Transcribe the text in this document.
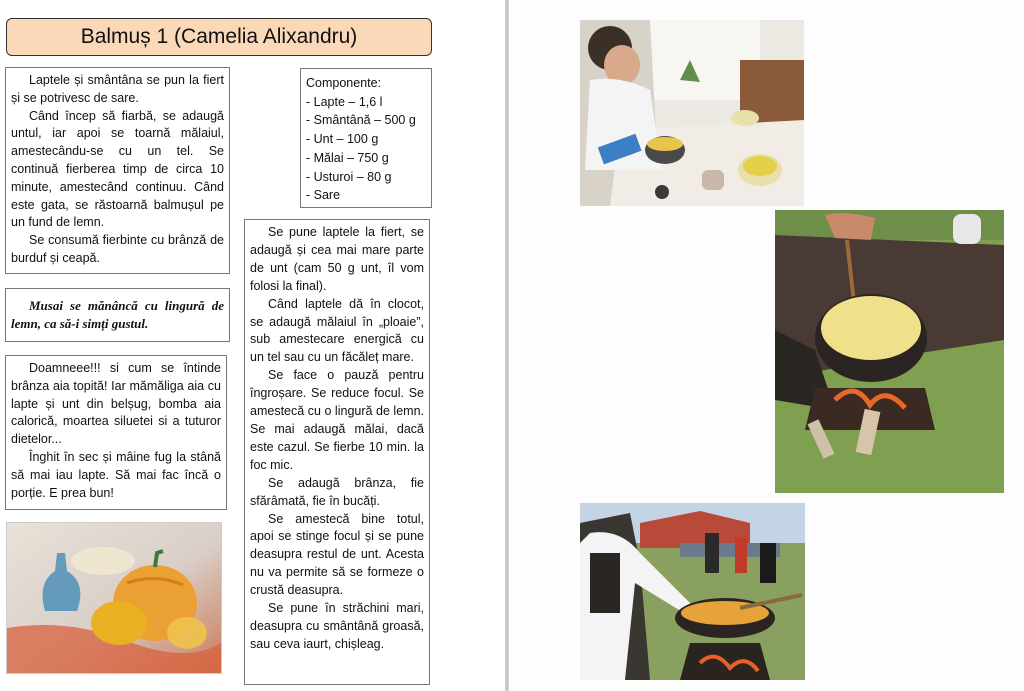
Balmuș 1 (Camelia Alixandru)

Laptele și smântâna se pun la fiert și se potrivesc de sare.

Când încep să fiarbă, se adaugă untul, iar apoi se toarnă mălaiul, amestecându-se cu un tel. Se continuă fierberea timp de circa 10 minute, amestecând continuu. Când este gata, se răstoarnă balmușul pe un fund de lemn.

Se consumă fierbinte cu brânză de burduf și ceapă.

Musai se mănâncă cu lingură de lemn, ca să-i simți gustul.

Doamneee!!! si cum se întinde brânza aia topită! Iar mămăliga aia cu lapte și unt din belșug, bomba aia calorică, moartea siluetei si a tuturor dietelor...

Înghit în sec și mâine fug la stână să mai iau lapte. Să mai fac încă o porție. E prea bun!

Componente:
- Lapte – 1,6 l
- Smântână – 500 g
- Unt – 100 g
- Mălai – 750 g
- Usturoi – 80 g
- Sare

Se pune laptele la fiert, se adaugă și cea mai mare parte de unt (cam 50 g unt, îl vom folosi la final).

Când laptele dă în clocot, se adaugă mălaiul în „ploaie”, sub amestecare energică cu un tel sau cu un făcăleț mare.

Se face o pauză pentru îngroșare. Se reduce focul. Se amestecă cu o lingură de lemn. Se mai adaugă mălai, dacă este cazul. Se fierbe 10 min. la foc mic.

Se adaugă brânza, fie sfărâmată, fie în bucăți.

Se amestecă bine totul, apoi se stinge focul și se pune deasupra restul de unt. Acesta nu va permite să se formeze o crustă deasupra.

Se pune în străchini mari, deasupra cu smântână groasă, sau ceva iaurt, chișleag.
